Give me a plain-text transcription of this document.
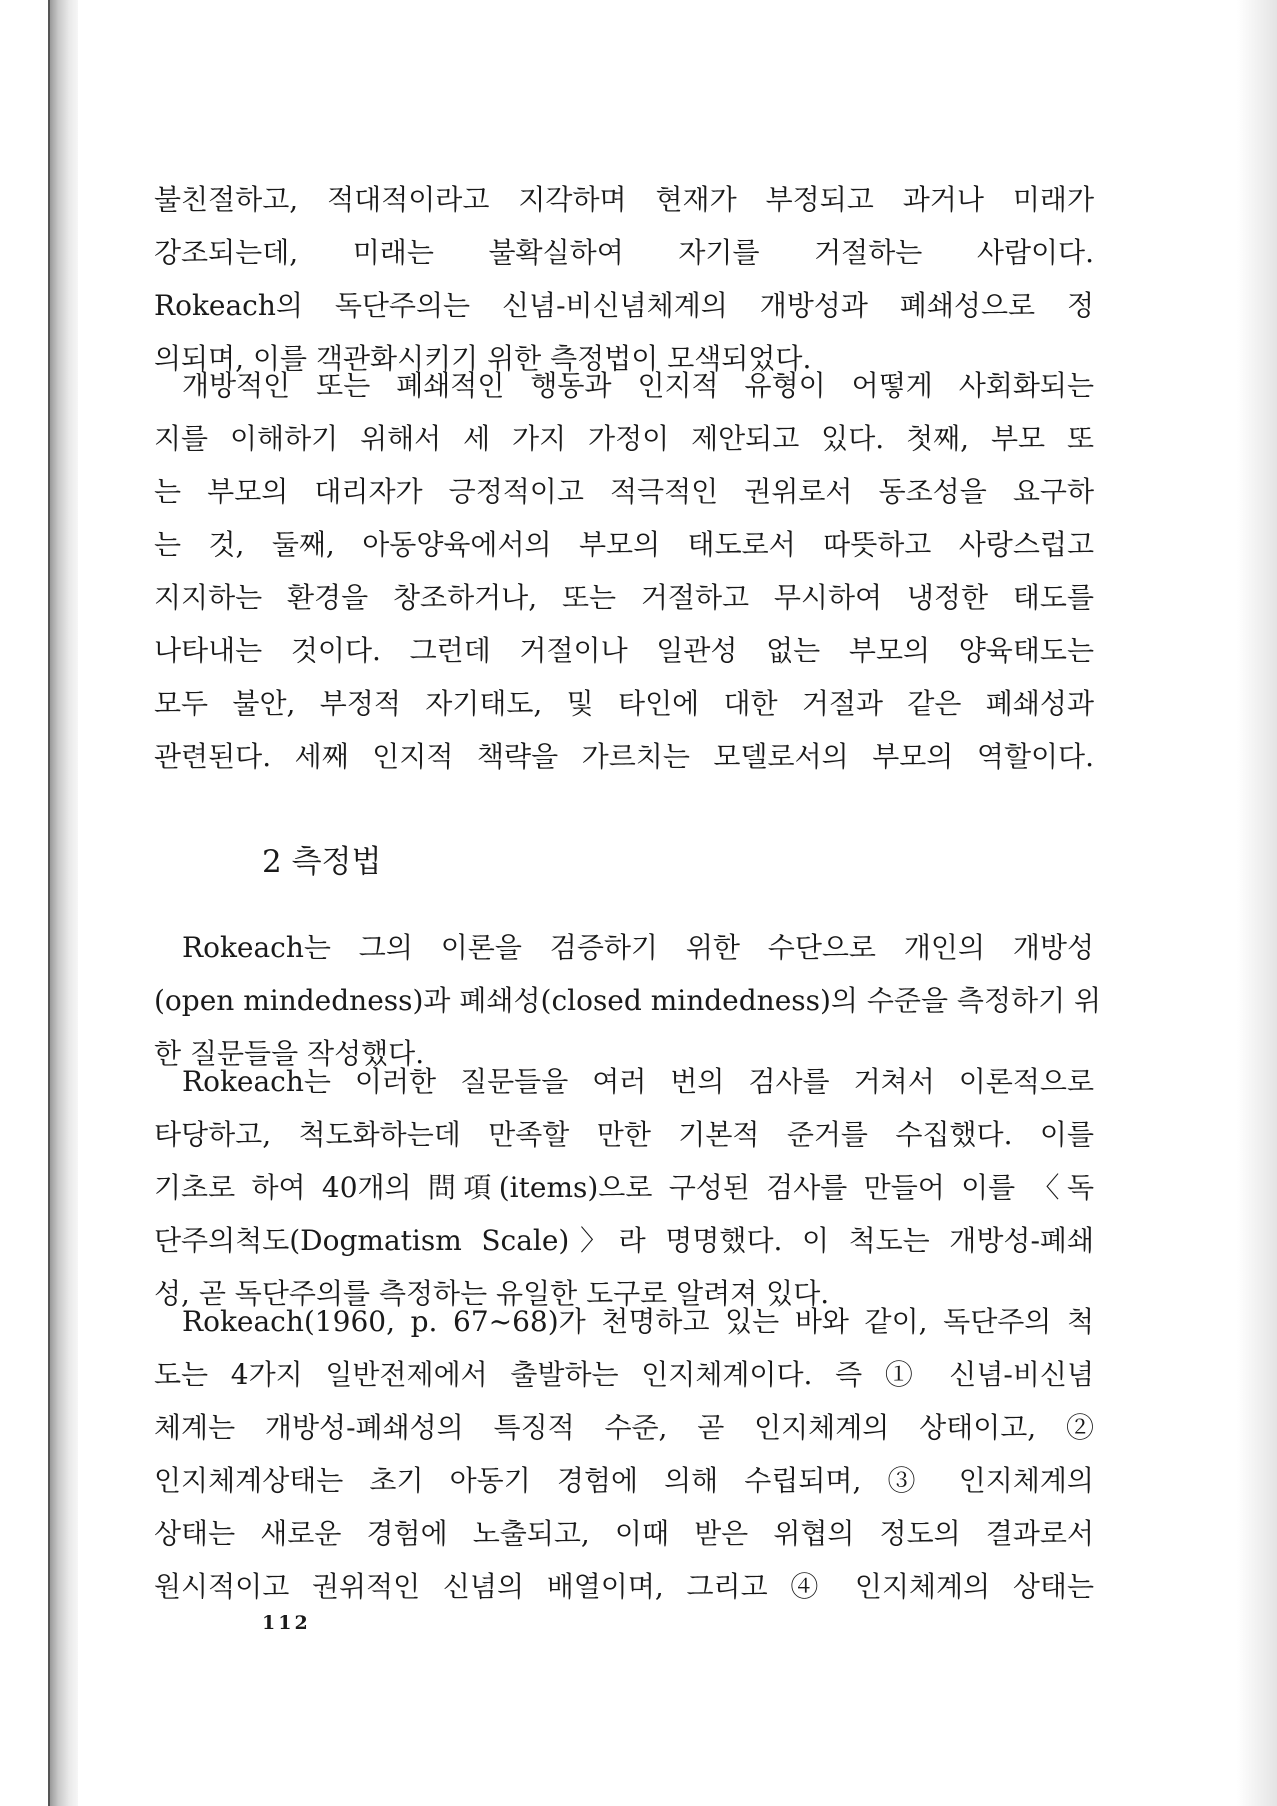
불친절하고, 적대적이라고 지각하며 현재가 부정되고 과거나 미래가
강조되는데, 미래는 불확실하여 자기를 거절하는 사람이다.
Rokeach의 독단주의는 신념-비신념체계의 개방성과 폐쇄성으로 정
의되며, 이를 객관화시키기 위한 측정법이 모색되었다.
개방적인 또는 폐쇄적인 행동과 인지적 유형이 어떻게 사회화되는
지를 이해하기 위해서 세 가지 가정이 제안되고 있다. 첫째, 부모 또
는 부모의 대리자가 긍정적이고 적극적인 권위로서 동조성을 요구하
는 것, 둘째, 아동양육에서의 부모의 태도로서 따뜻하고 사랑스럽고
지지하는 환경을 창조하거나, 또는 거절하고 무시하여 냉정한 태도를
나타내는 것이다. 그런데 거절이나 일관성 없는 부모의 양육태도는
모두 불안, 부정적 자기태도, 및 타인에 대한 거절과 같은 폐쇄성과
관련된다. 세째 인지적 책략을 가르치는 모델로서의 부모의 역할이다.
2 측정법
Rokeach는 그의 이론을 검증하기 위한 수단으로 개인의 개방성
(open mindedness)과 폐쇄성(closed mindedness)의 수준을 측정하기 위
한 질문들을 작성했다.
Rokeach는 이러한 질문들을 여러 번의 검사를 거쳐서 이론적으로
타당하고, 척도화하는데 만족할 만한 기본적 준거를 수집했다. 이를
기초로 하여 40개의 問項(items)으로 구성된 검사를 만들어 이를 〈독
단주의척도(Dogmatism Scale)〉라 명명했다. 이 척도는 개방성-폐쇄
성, 곧 독단주의를 측정하는 유일한 도구로 알려져 있다.
Rokeach(1960, p. 67~68)가 천명하고 있는 바와 같이, 독단주의 척
도는 4가지 일반전제에서 출발하는 인지체계이다. 즉 ① 신념-비신념
체계는 개방성-폐쇄성의 특징적 수준, 곧 인지체계의 상태이고, ②
인지체계상태는 초기 아동기 경험에 의해 수립되며, ③ 인지체계의
상태는 새로운 경험에 노출되고, 이때 받은 위협의 정도의 결과로서
원시적이고 권위적인 신념의 배열이며, 그리고 ④ 인지체계의 상태는
112
